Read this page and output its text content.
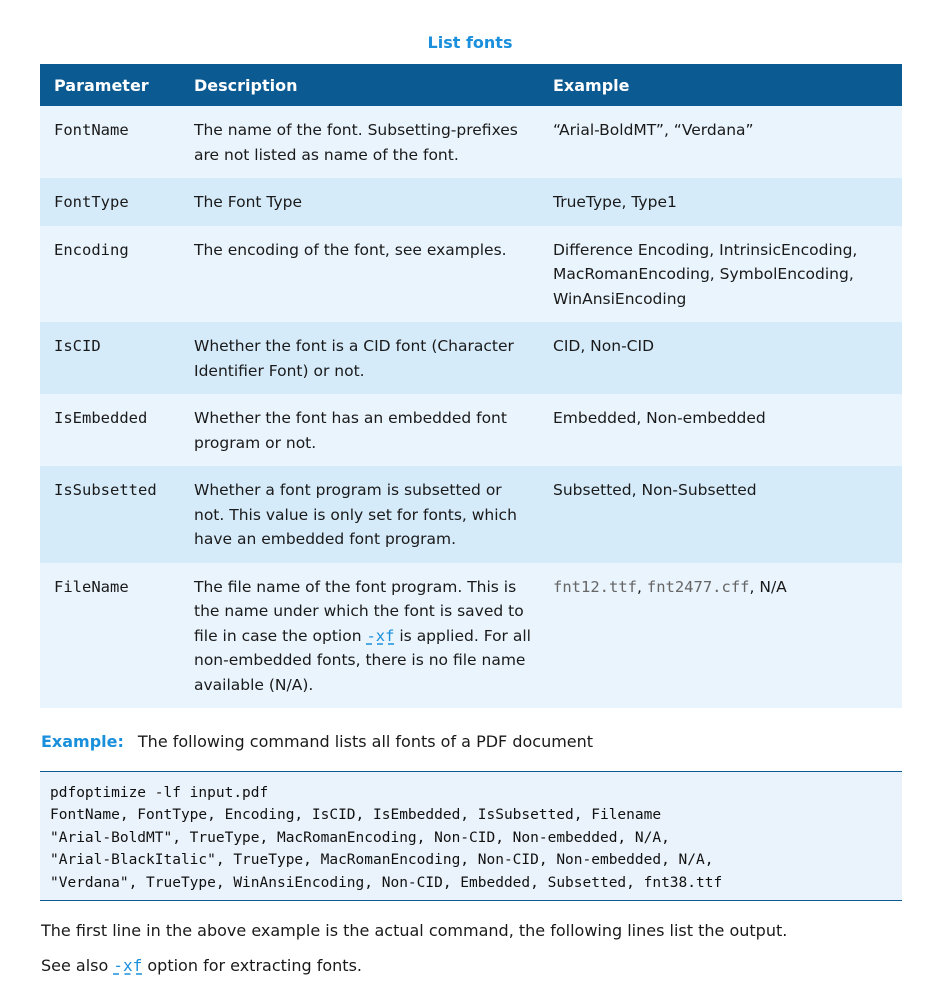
List fonts
Parameter	Description	Example
FontName	The name of the font. Subsetting-prefixes are not listed as name of the font.	“Arial-BoldMT”, “Verdana”
FontType	The Font Type	TrueType, Type1
Encoding	The encoding of the font, see examples.	Difference Encoding, IntrinsicEncoding, MacRomanEncoding, SymbolEncoding, WinAnsiEncoding
IsCID	Whether the font is a CID font (Character Identifier Font) or not.	CID, Non-CID
IsEmbedded	Whether the font has an embedded font program or not.	Embedded, Non-embedded
IsSubsetted	Whether a font program is subsetted or not. This value is only set for fonts, which have an embedded font program.	Subsetted, Non-Subsetted
FileName	The file name of the font program. This is the name under which the font is saved to file in case the option -xf is applied. For all non-embedded fonts, there is no file name available (N/A).	fnt12.ttf, fnt2477.cff, N/A
Example: The following command lists all fonts of a PDF document
pdfoptimize -lf input.pdf
FontName, FontType, Encoding, IsCID, IsEmbedded, IsSubsetted, Filename
"Arial-BoldMT", TrueType, MacRomanEncoding, Non-CID, Non-embedded, N/A,
"Arial-BlackItalic", TrueType, MacRomanEncoding, Non-CID, Non-embedded, N/A,
"Verdana", TrueType, WinAnsiEncoding, Non-CID, Embedded, Subsetted, fnt38.ttf
The first line in the above example is the actual command, the following lines list the output.
See also -xf option for extracting fonts.
